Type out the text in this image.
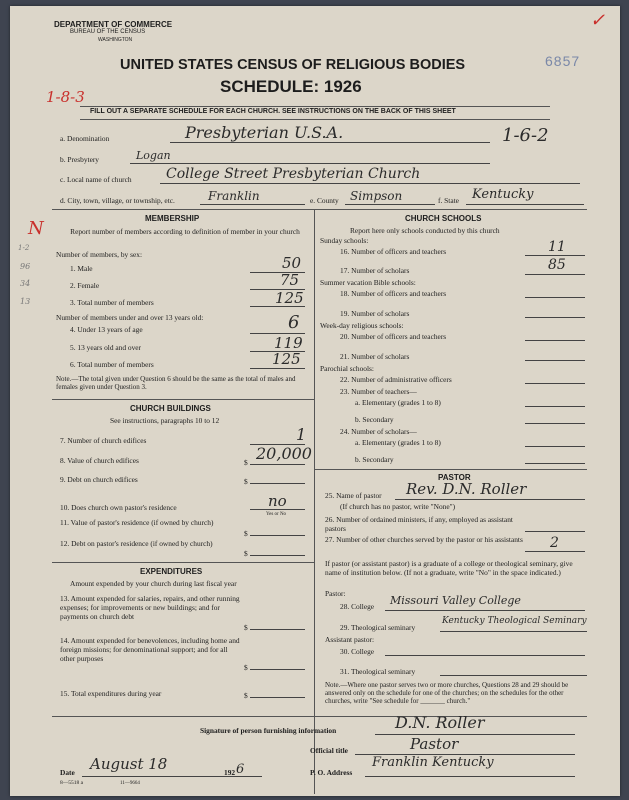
DEPARTMENT OF COMMERCE
BUREAU OF THE CENSUS
WASHINGTON
UNITED STATES CENSUS OF RELIGIOUS BODIES
SCHEDULE: 1926
6857
✓
1-8-3
FILL OUT A SEPARATE SCHEDULE FOR EACH CHURCH. SEE INSTRUCTIONS ON THE BACK OF THIS SHEET
a. Denomination	Presbyterian U.S.A.	1-6-2
b. Presbytery	Logan
c. Local name of church College Street Presbyterian Church
d. City, town, village, or township, etc.	Franklin	e. County Simpson	f. State Kentucky
MEMBERSHIP
Report number of members according to definition of member in your church
Number of members, by sex:
1. Male	50
2. Female	75
3. Total number of members	125
Number of members under and over 13 years old:
4. Under 13 years of age	6
5. 13 years old and over	119
6. Total number of members	125
Note.—The total given under Question 6 should be the same as the total of males and females given under Question 3.
N
1-2
96
34
13
CHURCH BUILDINGS
See instructions, paragraphs 10 to 12
7. Number of church edifices	1
8. Value of church edifices	$ 20,000
9. Debt on church edifices	$
10. Does church own pastor's residence	no
Yes or No
11. Value of pastor's residence (if owned by church)
$
12. Debt on pastor's residence (if owned by church)
$
EXPENDITURES
Amount expended by your church during last fiscal year
13. Amount expended for salaries, repairs, and other running expenses; for improvements or new buildings; and for payments on church debt
$
14. Amount expended for benevolences, including home and foreign missions; for denominational support; and for all other purposes
$
15. Total expenditures during year	$
CHURCH SCHOOLS
Report here only schools conducted by this church
Sunday schools:
16. Number of officers and teachers	11
17. Number of scholars	85
Summer vacation Bible schools:
18. Number of officers and teachers
19. Number of scholars
Week-day religious schools:
20. Number of officers and teachers
21. Number of scholars
Parochial schools:
22. Number of administrative officers
23. Number of teachers—
a. Elementary (grades 1 to 8)
b. Secondary
24. Number of scholars—
a. Elementary (grades 1 to 8)
b. Secondary
PASTOR
25. Name of pastor Rev. D.N. Roller
(If church has no pastor, write "None")
26. Number of ordained ministers, if any, employed as assistant pastors
27. Number of other churches served by the pastor or his assistants 2
If pastor (or assistant pastor) is a graduate of a college or theological seminary, give name of institution below. (If not a graduate, write "No" in the space indicated.)
Pastor:
28. College Missouri Valley College
29. Theological seminary
Kentucky Theological Seminary
Assistant pastor:
30. College
31. Theological seminary
Note.—Where one pastor serves two or more churches, Questions 28 and 29 should be answered only on the schedule for one of the churches; on the schedules for the other churches, write "See schedule for _______ church."
Signature of person furnishing information	D.N. Roller
Official title	Pastor
Date August 18	192 6	P. O. Address
Franklin Kentucky
8—5518 a	11—9664
